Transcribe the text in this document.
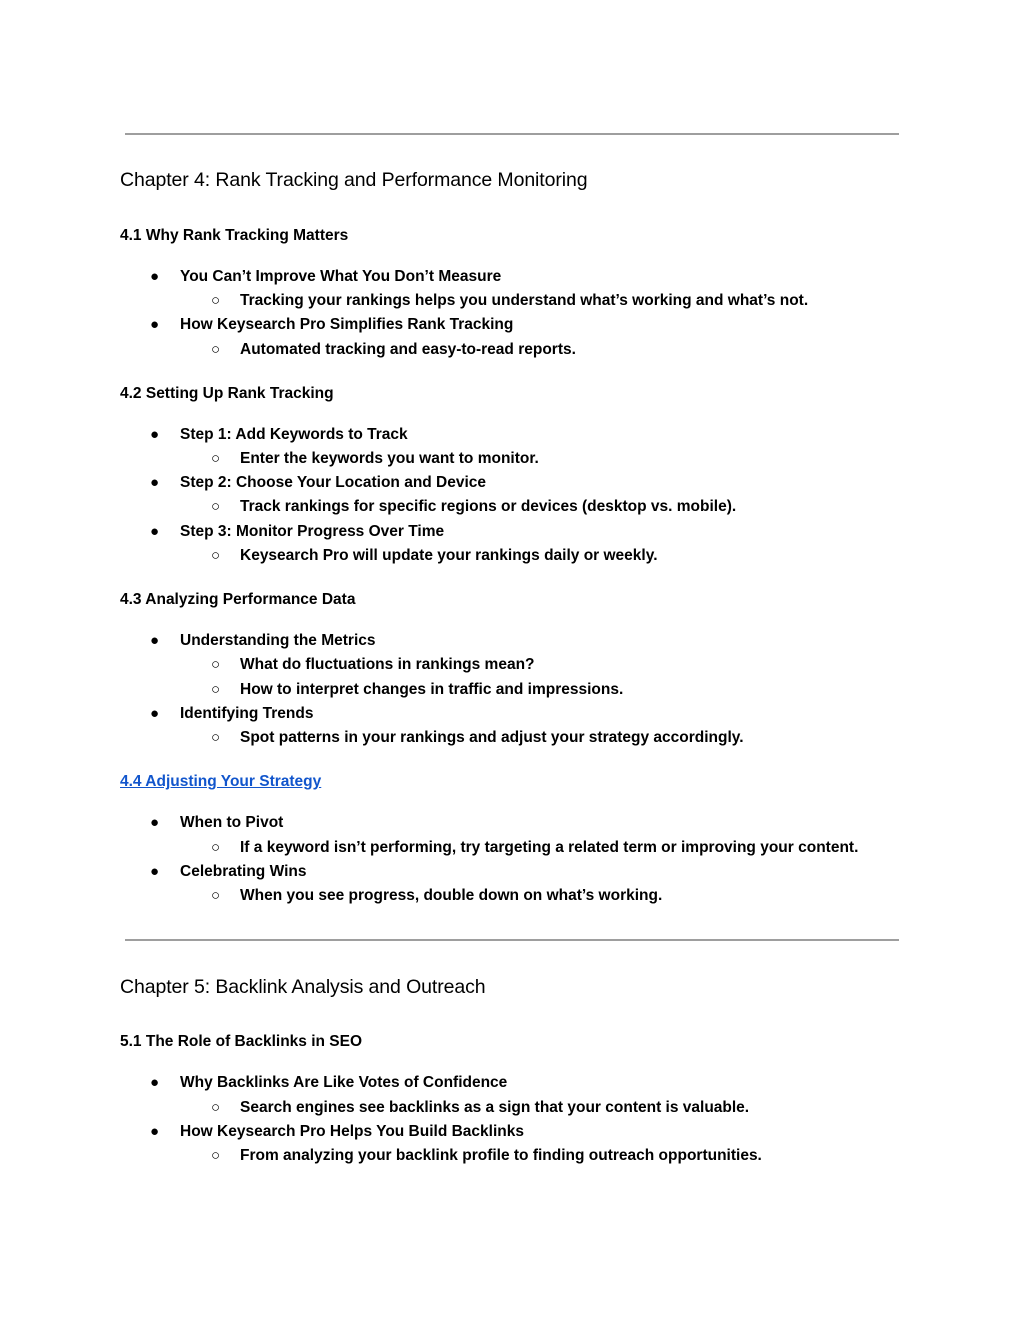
Chapter 4: Rank Tracking and Performance Monitoring
4.1 Why Rank Tracking Matters
● You Can’t Improve What You Don’t Measure
○ Tracking your rankings helps you understand what’s working and what’s not.
● How Keysearch Pro Simplifies Rank Tracking
○ Automated tracking and easy-to-read reports.
4.2 Setting Up Rank Tracking
● Step 1: Add Keywords to Track
○ Enter the keywords you want to monitor.
● Step 2: Choose Your Location and Device
○ Track rankings for specific regions or devices (desktop vs. mobile).
● Step 3: Monitor Progress Over Time
○ Keysearch Pro will update your rankings daily or weekly.
4.3 Analyzing Performance Data
● Understanding the Metrics
○ What do fluctuations in rankings mean?
○ How to interpret changes in traffic and impressions.
● Identifying Trends
○ Spot patterns in your rankings and adjust your strategy accordingly.
4.4 Adjusting Your Strategy
● When to Pivot
○ If a keyword isn’t performing, try targeting a related term or improving your content.
● Celebrating Wins
○ When you see progress, double down on what’s working.
Chapter 5: Backlink Analysis and Outreach
5.1 The Role of Backlinks in SEO
● Why Backlinks Are Like Votes of Confidence
○ Search engines see backlinks as a sign that your content is valuable.
● How Keysearch Pro Helps You Build Backlinks
○ From analyzing your backlink profile to finding outreach opportunities.
